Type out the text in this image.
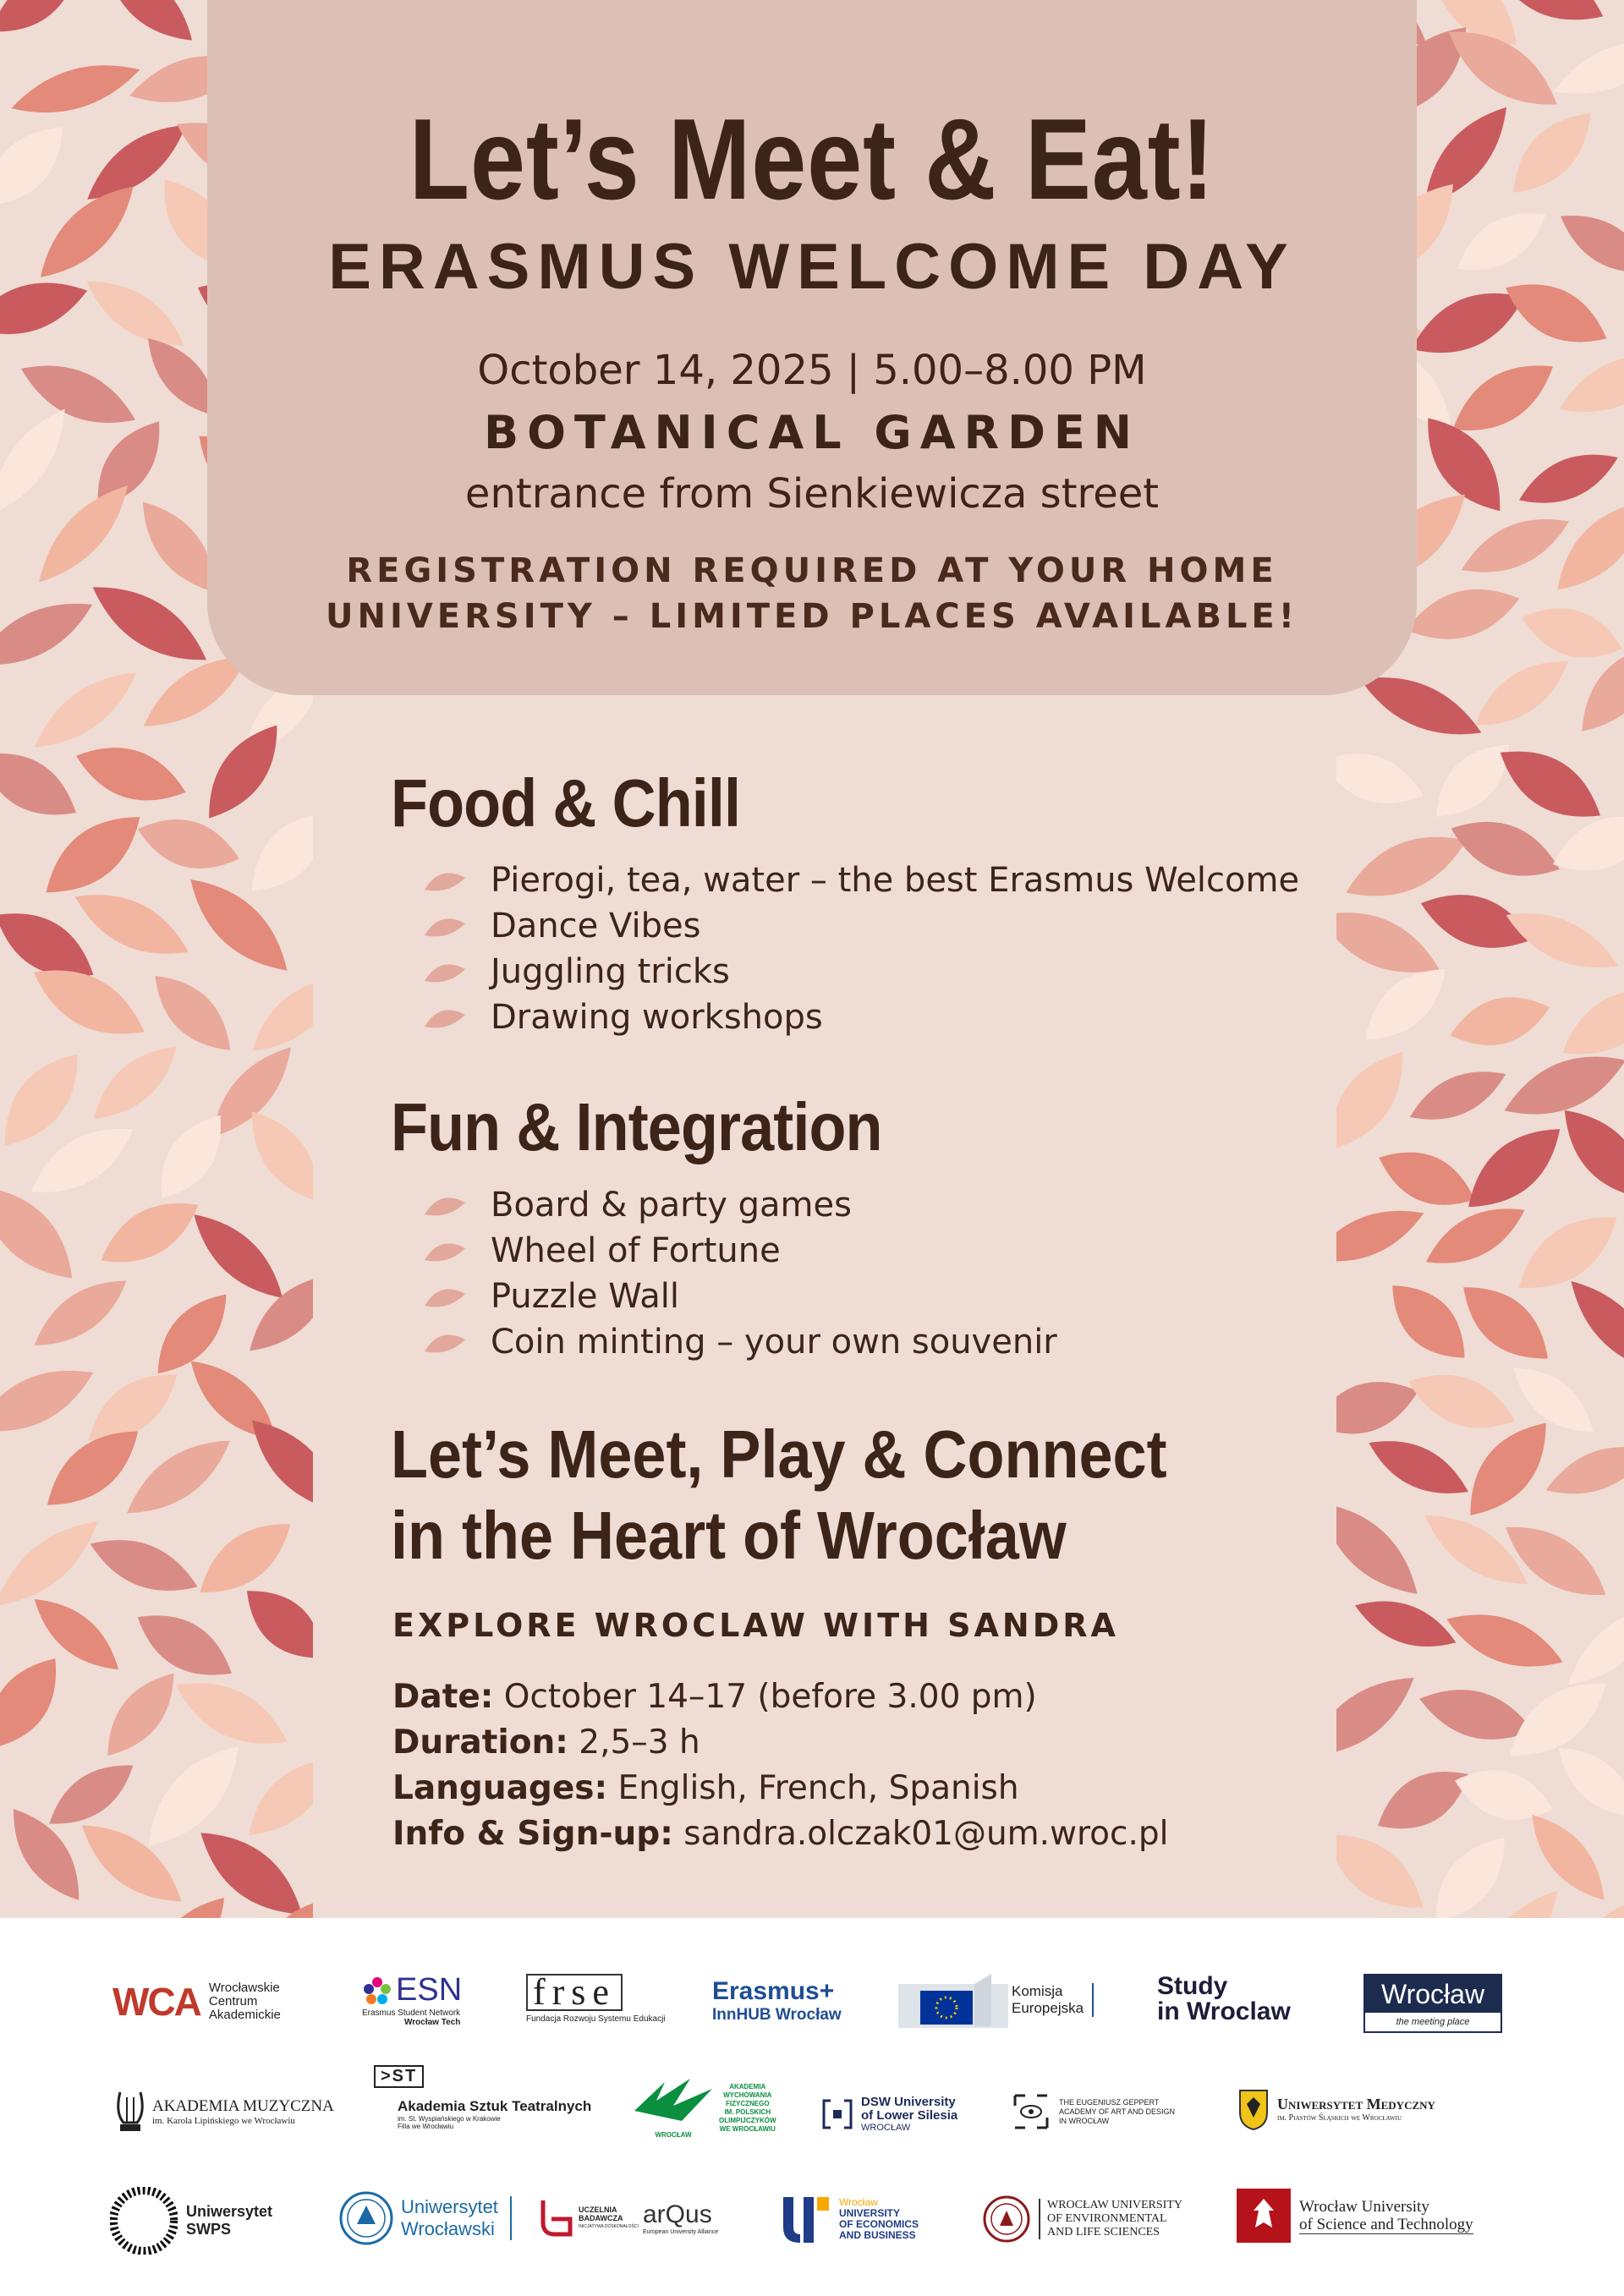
Let’s Meet & Eat!
ERASMUS WELCOME DAY
October 14, 2025 | 5.00–8.00 PM
BOTANICAL GARDEN
entrance from Sienkiewicza street
REGISTRATION REQUIRED AT YOUR HOME
UNIVERSITY – LIMITED PLACES AVAILABLE!
Food & Chill
Pierogi, tea, water – the best Erasmus Welcome
Dance Vibes
Juggling tricks
Drawing workshops
Fun & Integration
Board & party games
Wheel of Fortune
Puzzle Wall
Coin minting – your own souvenir
Let’s Meet, Play & Connect
in the Heart of Wrocław
EXPLORE WROCLAW WITH SANDRA
Date: October 14–17 (before 3.00 pm)
Duration: 2,5–3 h
Languages: English, French, Spanish
Info & Sign-up: sandra.olczak01@um.wroc.pl
WCA Wrocławskie
Centrum
Akademickie
ESN
Erasmus Student Network
Wrocław Tech
frse
Fundacja Rozwoju Systemu Edukacji
Erasmus+
InnHUB Wrocław
Komisja
Europejska
Study
in Wroclaw
Wrocław
the meeting place
AKADEMIA MUZYCZNA
im. Karola Lipińskiego we Wrocławiu
>ST
Akademia Sztuk Teatralnych
im. St. Wyspiańskiego w Krakowie
Filia we Wrocławiu
WROCŁAW
AKADEMIA
WYCHOWANIA
FIZYCZNEGO
IM. POLSKICH
OLIMPIJCZYKÓW
WE WROCŁAWIU
DSW University
of Lower Silesia
WROCŁAW
THE EUGENIUSZ GEPPERT
ACADEMY OF ART AND DESIGN
IN WROCŁAW
Uniwersytet Medyczny
im. Piastów Śląskich we Wrocławiu
Uniwersytet
SWPS
Uniwersytet
Wrocławski
UCZELNIA
BADAWCZA
INICJATYWA DOSKONAŁOŚCI arQus
European University Alliance
Wrocław
UNIVERSITY
OF ECONOMICS
AND BUSINESS
WROCŁAW UNIVERSITY
OF ENVIRONMENTAL
AND LIFE SCIENCES
Wrocław University
of Science and Technology
